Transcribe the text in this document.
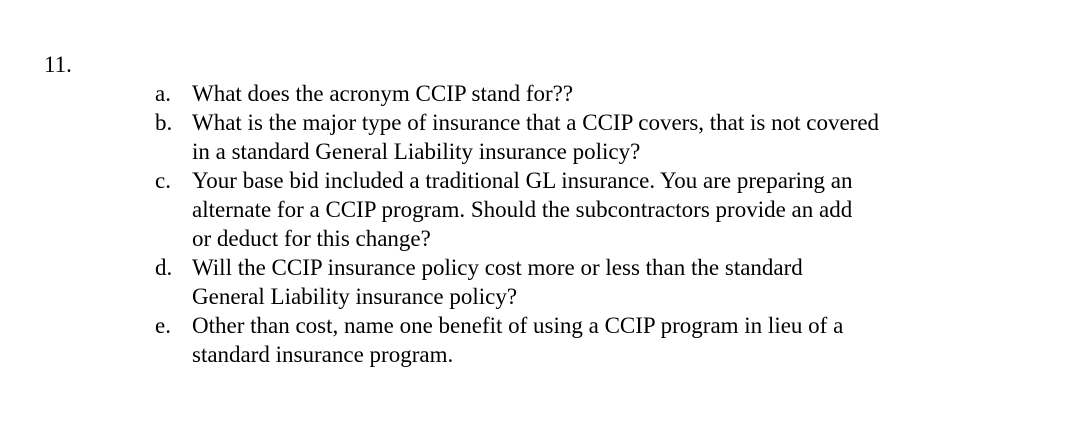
11.
a. What does the acronym CCIP stand for??
b. What is the major type of insurance that a CCIP covers, that is not covered
in a standard General Liability insurance policy?
c. Your base bid included a traditional GL insurance. You are preparing an
alternate for a CCIP program. Should the subcontractors provide an add
or deduct for this change?
d. Will the CCIP insurance policy cost more or less than the standard
General Liability insurance policy?
e. Other than cost, name one benefit of using a CCIP program in lieu of a
standard insurance program.
